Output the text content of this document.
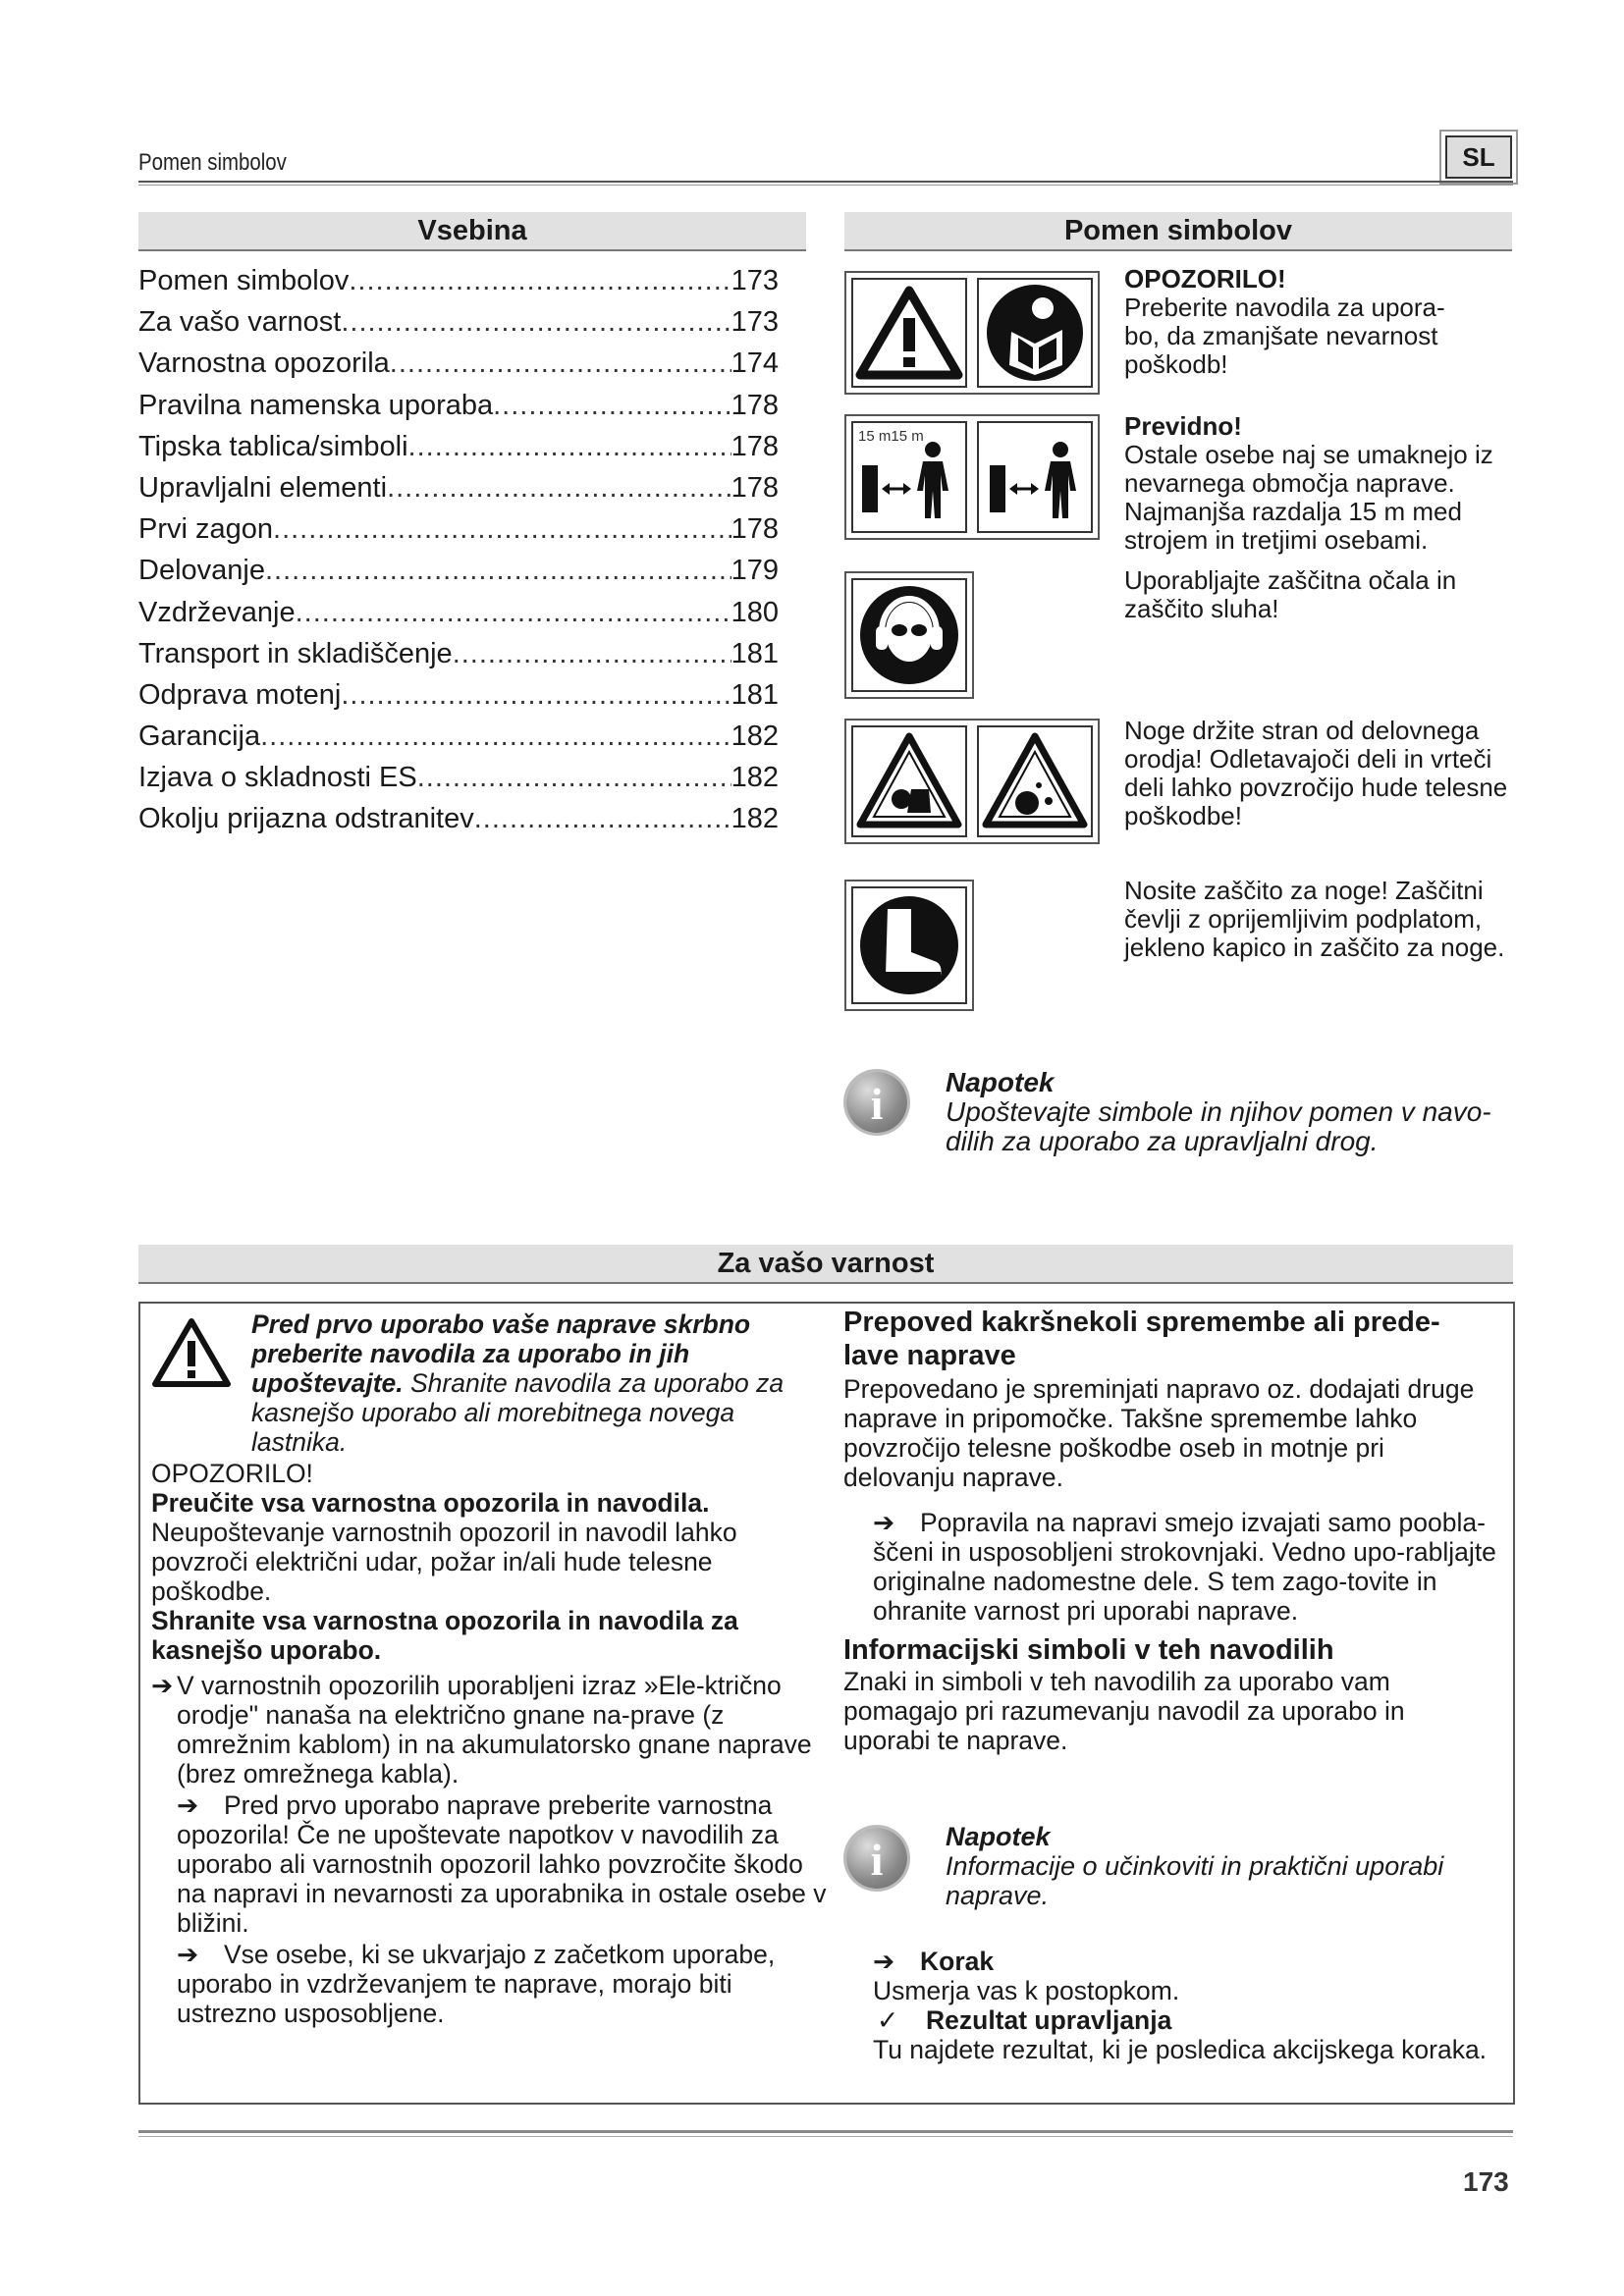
Pomen simbolov	SL
Vsebina
Pomen simbolov .....	173
Za vašo varnost .....	173
Varnostna opozorila .....	174
Pravilna namenska uporaba .....	178
Tipska tablica/simboli .....	178
Upravljalni elementi .....	178
Prvi zagon .....	178
Delovanje .....	179
Vzdrževanje .....	180
Transport in skladiščenje .....	181
Odprava motenj .....	181
Garancija .....	182
Izjava o skladnosti ES .....	182
Okolju prijazna odstranitev .....	182
Pomen simbolov
OPOZORILO!
Preberite navodila za upora-bo, da zmanjšate nevarnost poškodb!
15 m15 m	Previdno!
Ostale osebe naj se umaknejo iz nevarnega območja naprave. Najmanjša razdalja 15 m med strojem in tretjimi osebami.
Uporabljajte zaščitna očala in zaščito sluha!
Noge držite stran od delovnega orodja! Odletavajoči deli in vrteči deli lahko povzročijo hude telesne poškodbe!
Nosite zaščito za noge! Zaščitni čevlji z oprijemljivim podplatom, jekleno kapico in zaščito za noge.
i	Napotek
Upoštevajte simbole in njihov pomen v navo-dilih za uporabo za upravljalni drog.
Za vašo varnost
Pred prvo uporabo vaše naprave skrbno preberite navodila za uporabo in jih upoštevajte. Shranite navodila za uporabo za kasnejšo uporabo ali morebitnega novega lastnika.
OPOZORILO!
Preučite vsa varnostna opozorila in navodila.
Neupoštevanje varnostnih opozoril in navodil lahko povzroči električni udar, požar in/ali hude telesne poškodbe.
Shranite vsa varnostna opozorila in navodila za kasnejšo uporabo.
➔ V varnostnih opozorilih uporabljeni izraz »Ele-ktrično orodje" nanaša na električno gnane na-prave (z omrežnim kablom) in na akumulatorsko gnane naprave (brez omrežnega kabla).
➔ Pred prvo uporabo naprave preberite varnostna opozorila! Če ne upoštevate napotkov v navodilih za uporabo ali varnostnih opozoril lahko povzročite škodo na napravi in nevarnosti za uporabnika in ostale osebe v bližini.
➔ Vse osebe, ki se ukvarjajo z začetkom uporabe, uporabo in vzdrževanjem te naprave, morajo biti ustrezno usposobljene.
Prepoved kakršnekoli spremembe ali prede-lave naprave
Prepovedano je spreminjati napravo oz. dodajati druge naprave in pripomočke. Takšne spremembe lahko povzročijo telesne poškodbe oseb in motnje pri delovanju naprave.
➔ Popravila na napravi smejo izvajati samo poobla-ščeni in usposobljeni strokovnjaki. Vedno upo-rabljajte originalne nadomestne dele. S tem zago-tovite in ohranite varnost pri uporabi naprave.
Informacijski simboli v teh navodilih
Znaki in simboli v teh navodilih za uporabo vam pomagajo pri razumevanju navodil za uporabo in uporabi te naprave.
i	Napotek
Informacije o učinkoviti in praktični uporabi naprave.
➔ Korak
Usmerja vas k postopkom.
✓ Rezultat upravljanja
Tu najdete rezultat, ki je posledica akcijskega koraka.
173
